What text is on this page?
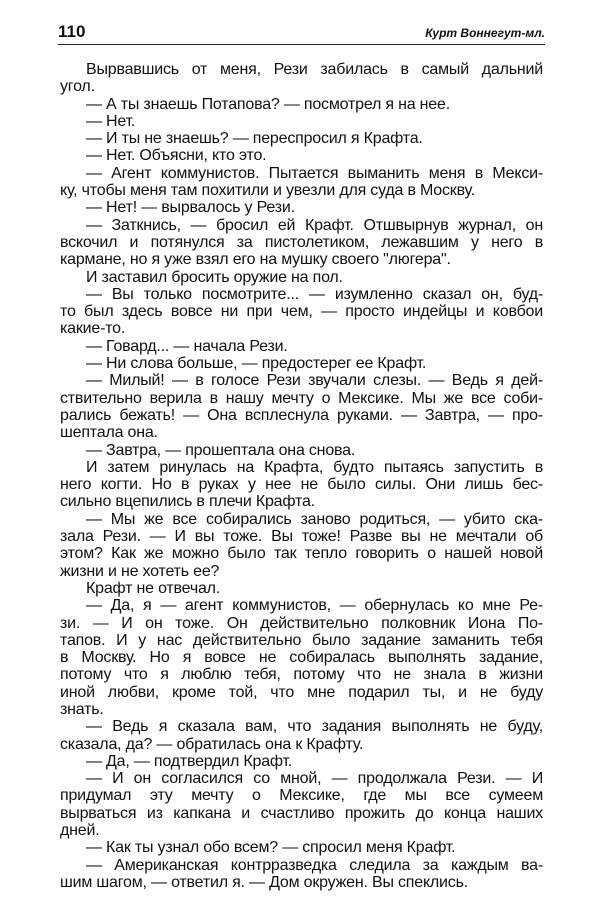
110	Курт Воннегут-мл.
Вырвавшись от меня, Рези забилась в самый дальний
угол.
— А ты знаешь Потапова? — посмотрел я на нее.
— Нет.
— И ты не знаешь? — переспросил я Крафта.
— Нет. Объясни, кто это.
— Агент коммунистов. Пытается выманить меня в Мекси-
ку, чтобы меня там похитили и увезли для суда в Москву.
— Нет! — вырвалось у Рези.
— Заткнись, — бросил ей Крафт. Отшвырнув журнал, он
вскочил и потянулся за пистолетиком, лежавшим у него в
кармане, но я уже взял его на мушку своего "люгера".
И заставил бросить оружие на пол.
— Вы только посмотрите... — изумленно сказал он, буд-
то был здесь вовсе ни при чем, — просто индейцы и ковбои
какие-то.
— Говард... — начала Рези.
— Ни слова больше, — предостерег ее Крафт.
— Милый! — в голосе Рези звучали слезы. — Ведь я дей-
ствительно верила в нашу мечту о Мексике. Мы же все соби-
рались бежать! — Она всплеснула руками. — Завтра, — про-
шептала она.
— Завтра, — прошептала она снова.
И затем ринулась на Крафта, будто пытаясь запустить в
него когти. Но в руках у нее не было силы. Они лишь бес-
сильно вцепились в плечи Крафта.
— Мы же все собирались заново родиться, — убито ска-
зала Рези. — И вы тоже. Вы тоже! Разве вы не мечтали об
этом? Как же можно было так тепло говорить о нашей новой
жизни и не хотеть ее?
Крафт не отвечал.
— Да, я — агент коммунистов, — обернулась ко мне Ре-
зи. — И он тоже. Он действительно полковник Иона По-
тапов. И у нас действительно было задание заманить тебя
в Москву. Но я вовсе не собиралась выполнять задание,
потому что я люблю тебя, потому что не знала в жизни
иной любви, кроме той, что мне подарил ты, и не буду
знать.
— Ведь я сказала вам, что задания выполнять не буду,
сказала, да? — обратилась она к Крафту.
— Да, — подтвердил Крафт.
— И он согласился со мной, — продолжала Рези. — И
придумал эту мечту о Мексике, где мы все сумеем
вырваться из капкана и счастливо прожить до конца наших
дней.
— Как ты узнал обо всем? — спросил меня Крафт.
— Американская контрразведка следила за каждым ва-
шим шагом, — ответил я. — Дом окружен. Вы спеклись.
